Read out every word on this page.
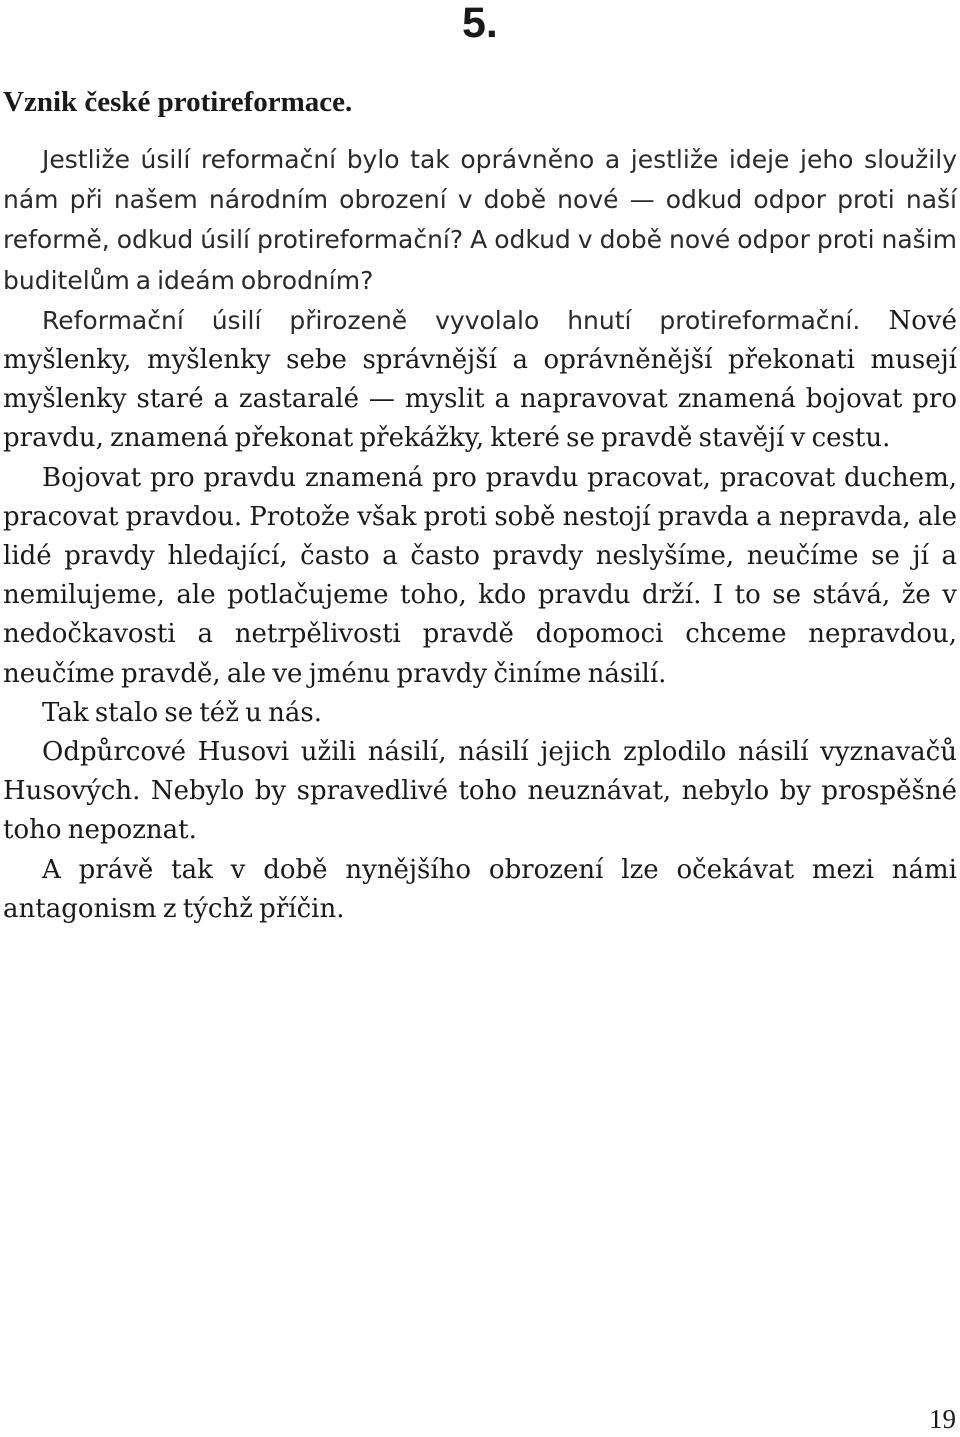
5.
Vznik české protireformace.

Jestliže úsilí reformační bylo tak oprávněno a jestliže ideje jeho sloužily nám při našem národním obrození v době nové — odkud odpor proti naší reformě, odkud úsilí protireformační? A odkud v době nové odpor proti našim buditelům a ideám obrodním?

Reformační úsilí přirozeně vyvolalo hnutí protireformační. Nové myšlenky, myšlenky sebe správnější a oprávněnější překonati musejí myšlenky staré a zastaralé — myslit a napravovat znamená bojovat pro pravdu, znamená překonat překážky, které se pravdě stavějí v cestu.

Bojovat pro pravdu znamená pro pravdu pracovat, pracovat duchem, pracovat pravdou. Protože však proti sobě nestojí pravda a nepravda, ale lidé pravdy hledající, často a často pravdy neslyšíme, neučíme se jí a nemilujeme, ale potlačujeme toho, kdo pravdu drží. I to se stává, že v nedočkavosti a netrpělivosti pravdě dopomoci chceme nepravdou, neučíme pravdě, ale ve jménu pravdy činíme násilí.

Tak stalo se též u nás.

Odpůrcové Husovi užili násilí, násilí jejich zplodilo násilí vyznavačů Husových. Nebylo by spravedlivé toho neuznávat, nebylo by prospěšné toho nepoznat.

A právě tak v době nynějšího obrození lze očekávat mezi námi antagonism z týchž příčin.

19
